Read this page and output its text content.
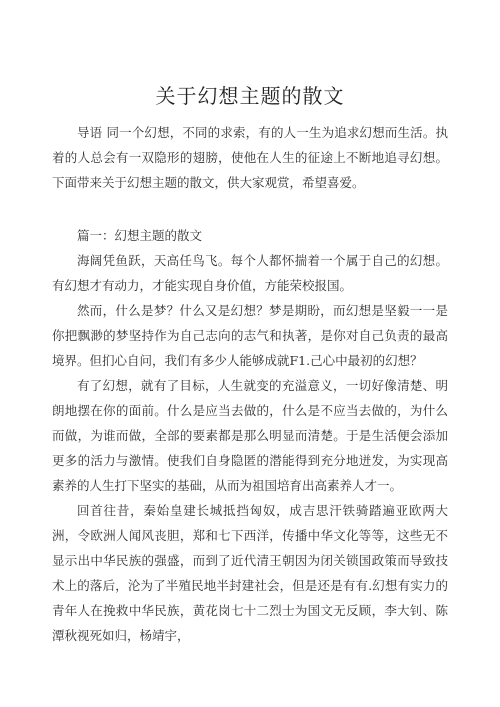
关于幻想主题的散文

导语 同一个幻想，不同的求索，有的人一生为追求幻想而生活。执着的人总会有一双隐形的翅膀，使他在人生的征途上不断地追寻幻想。下面带来关于幻想主题的散文，供大家观赏，希望喜爱。

篇一：幻想主题的散文

海阔凭鱼跃，天高任鸟飞。每个人都怀揣着一个属于自己的幻想。有幻想才有动力，才能实现自身价值，方能荣校报国。

然而，什么是梦？什么又是幻想？梦是期盼，而幻想是坚毅一一是你把飘渺的梦坚持作为自己志向的志气和执著，是你对自己负责的最高境界。但扪心自问，我们有多少人能够成就F1.己心中最初的幻想？

有了幻想，就有了目标，人生就变的充溢意义，一切好像清楚、明朗地摆在你的面前。什么是应当去做的，什么是不应当去做的，为什么而做，为谁而做，全部的要素都是那么明显而清楚。于是生活便会添加更多的活力与激情。使我们自身隐匿的潜能得到充分地迸发，为实现高素养的人生打下坚实的基础，从而为祖国培育出高素养人才一。

回首往昔，秦始皇建长城抵挡匈奴，成吉思汗铁骑踏遍亚欧两大洲，令欧洲人闻风丧胆，郑和七下西洋，传播中华文化等等，这些无不显示出中华民族的强盛，而到了近代清王朝因为闭关锁国政策而导致技术上的落后，沦为了半殖民地半封建社会，但是还是有有.幻想有实力的青年人在挽救中华民族，黄花岗七十二烈士为国文无反顾，李大钊、陈潭秋视死如归，杨靖宇，
